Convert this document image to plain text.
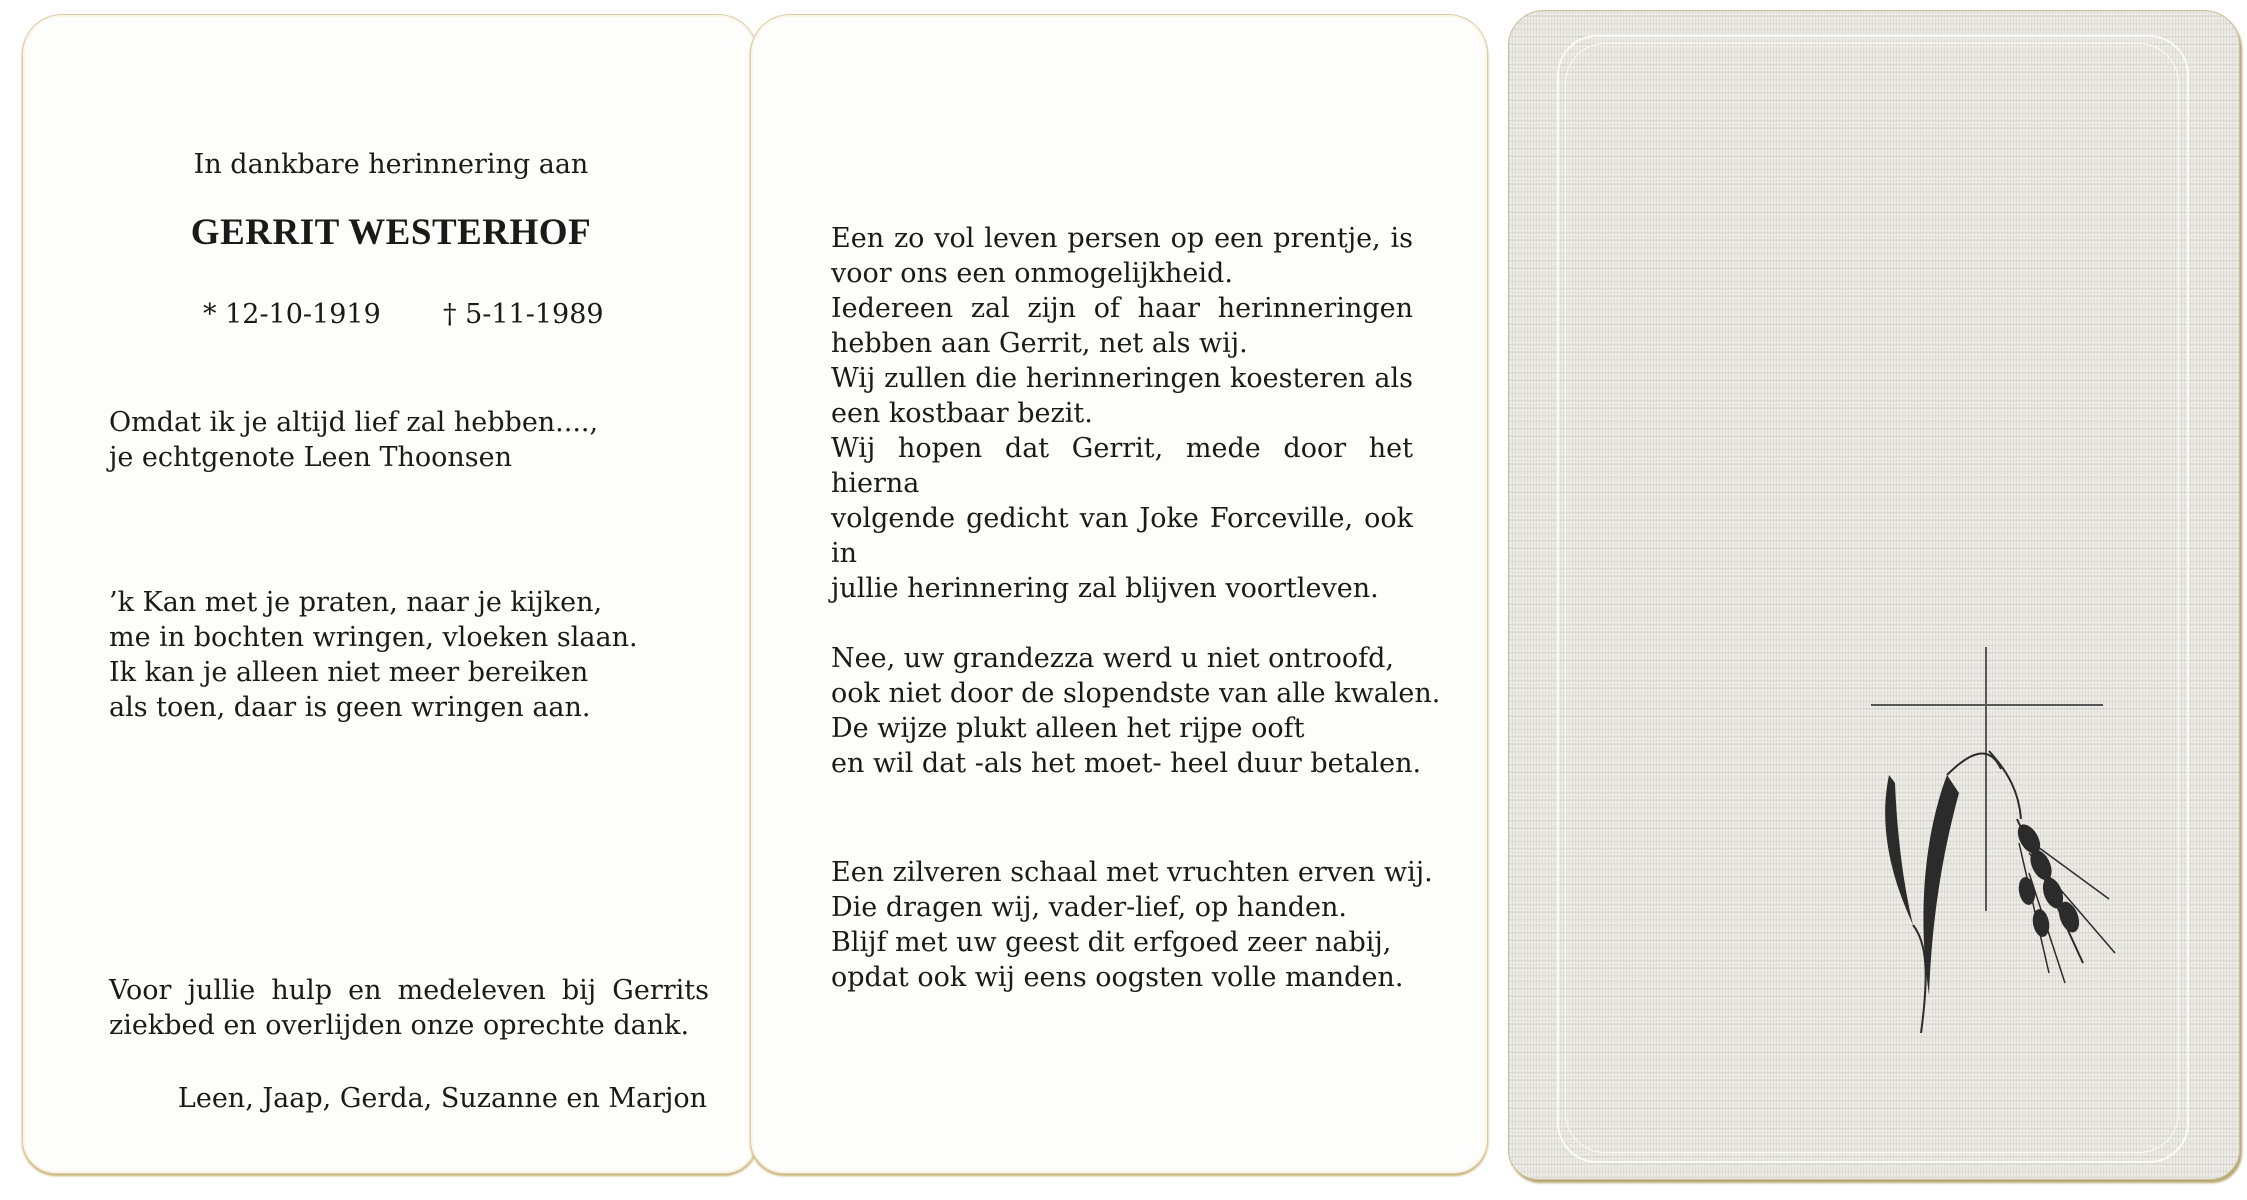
In dankbare herinnering aan
GERRIT WESTERHOF
* 12-10-1919 † 5-11-1989
Omdat ik je altijd lief zal hebben....,
je echtgenote Leen Thoonsen
’k Kan met je praten, naar je kijken,
me in bochten wringen, vloeken slaan.
Ik kan je alleen niet meer bereiken
als toen, daar is geen wringen aan.
Voor jullie hulp en medeleven bij Gerrits
ziekbed en overlijden onze oprechte dank.
Leen, Jaap, Gerda, Suzanne en Marjon
Een zo vol leven persen op een prentje, is
voor ons een onmogelijkheid.
Iedereen zal zijn of haar herinneringen
hebben aan Gerrit, net als wij.
Wij zullen die herinneringen koesteren als
een kostbaar bezit.
Wij hopen dat Gerrit, mede door het hierna
volgende gedicht van Joke Forceville, ook in
jullie herinnering zal blijven voortleven.
Nee, uw grandezza werd u niet ontroofd,
ook niet door de slopendste van alle kwalen.
De wijze plukt alleen het rijpe ooft
en wil dat -als het moet- heel duur betalen.
Een zilveren schaal met vruchten erven wij.
Die dragen wij, vader-lief, op handen.
Blijf met uw geest dit erfgoed zeer nabij,
opdat ook wij eens oogsten volle manden.
